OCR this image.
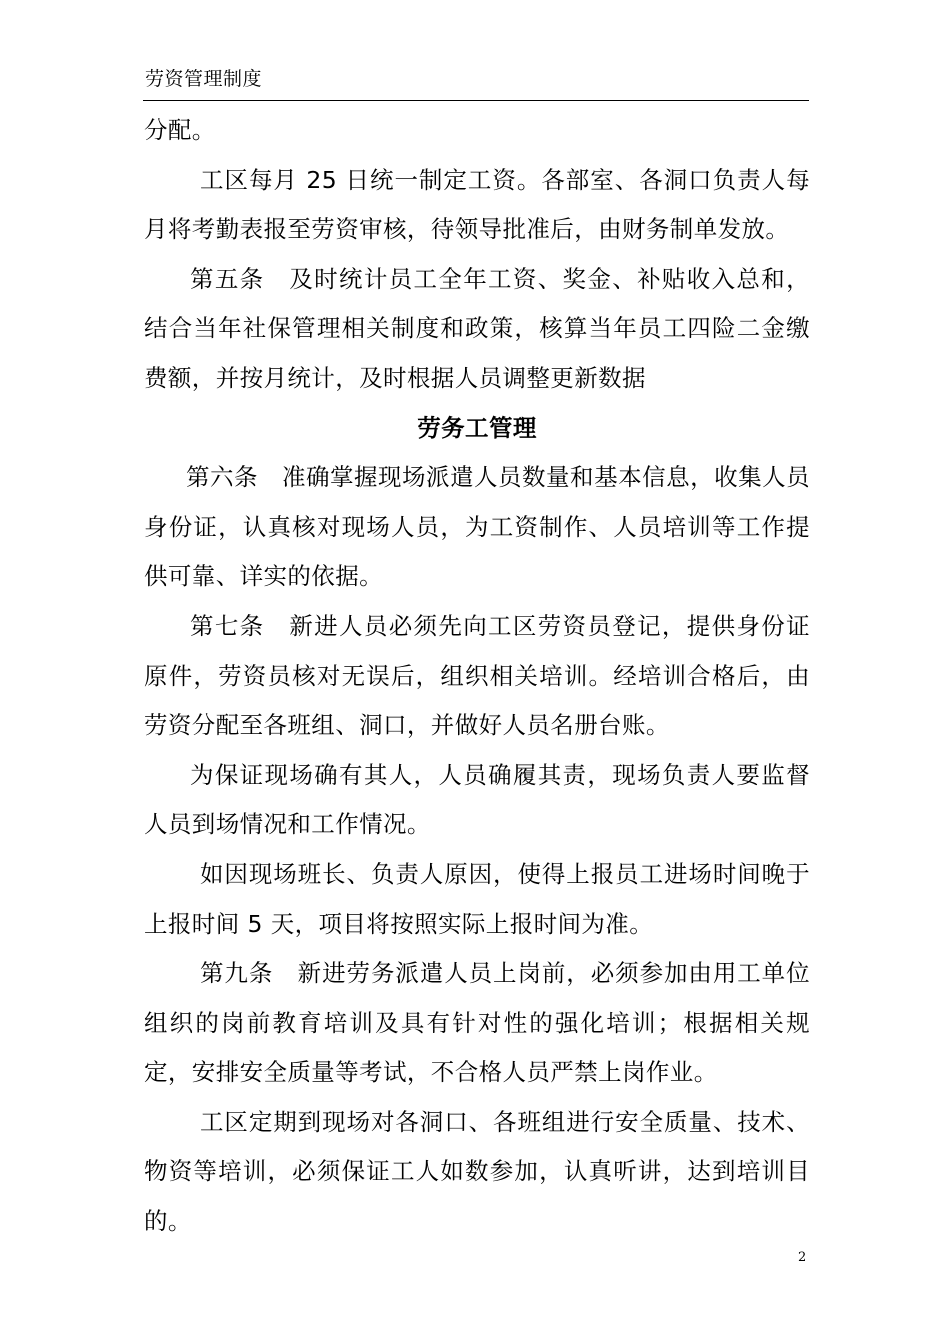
劳资管理制度

分配。

工区每月 25 日统一制定工资。各部室、各洞口负责人每月将考勤表报至劳资审核，待领导批准后，由财务制单发放。

第五条　及时统计员工全年工资、奖金、补贴收入总和，结合当年社保管理相关制度和政策，核算当年员工四险二金缴费额，并按月统计，及时根据人员调整更新数据

劳务工管理

第六条　准确掌握现场派遣人员数量和基本信息，收集人员身份证，认真核对现场人员，为工资制作、人员培训等工作提供可靠、详实的依据。

第七条　新进人员必须先向工区劳资员登记，提供身份证原件，劳资员核对无误后，组织相关培训。经培训合格后，由劳资分配至各班组、洞口，并做好人员名册台账。

为保证现场确有其人，人员确履其责，现场负责人要监督人员到场情况和工作情况。

如因现场班长、负责人原因，使得上报员工进场时间晚于上报时间 5 天，项目将按照实际上报时间为准。

第九条　新进劳务派遣人员上岗前，必须参加由用工单位组织的岗前教育培训及具有针对性的强化培训；根据相关规定，安排安全质量等考试，不合格人员严禁上岗作业。

工区定期到现场对各洞口、各班组进行安全质量、技术、物资等培训，必须保证工人如数参加，认真听讲，达到培训目的。

2
